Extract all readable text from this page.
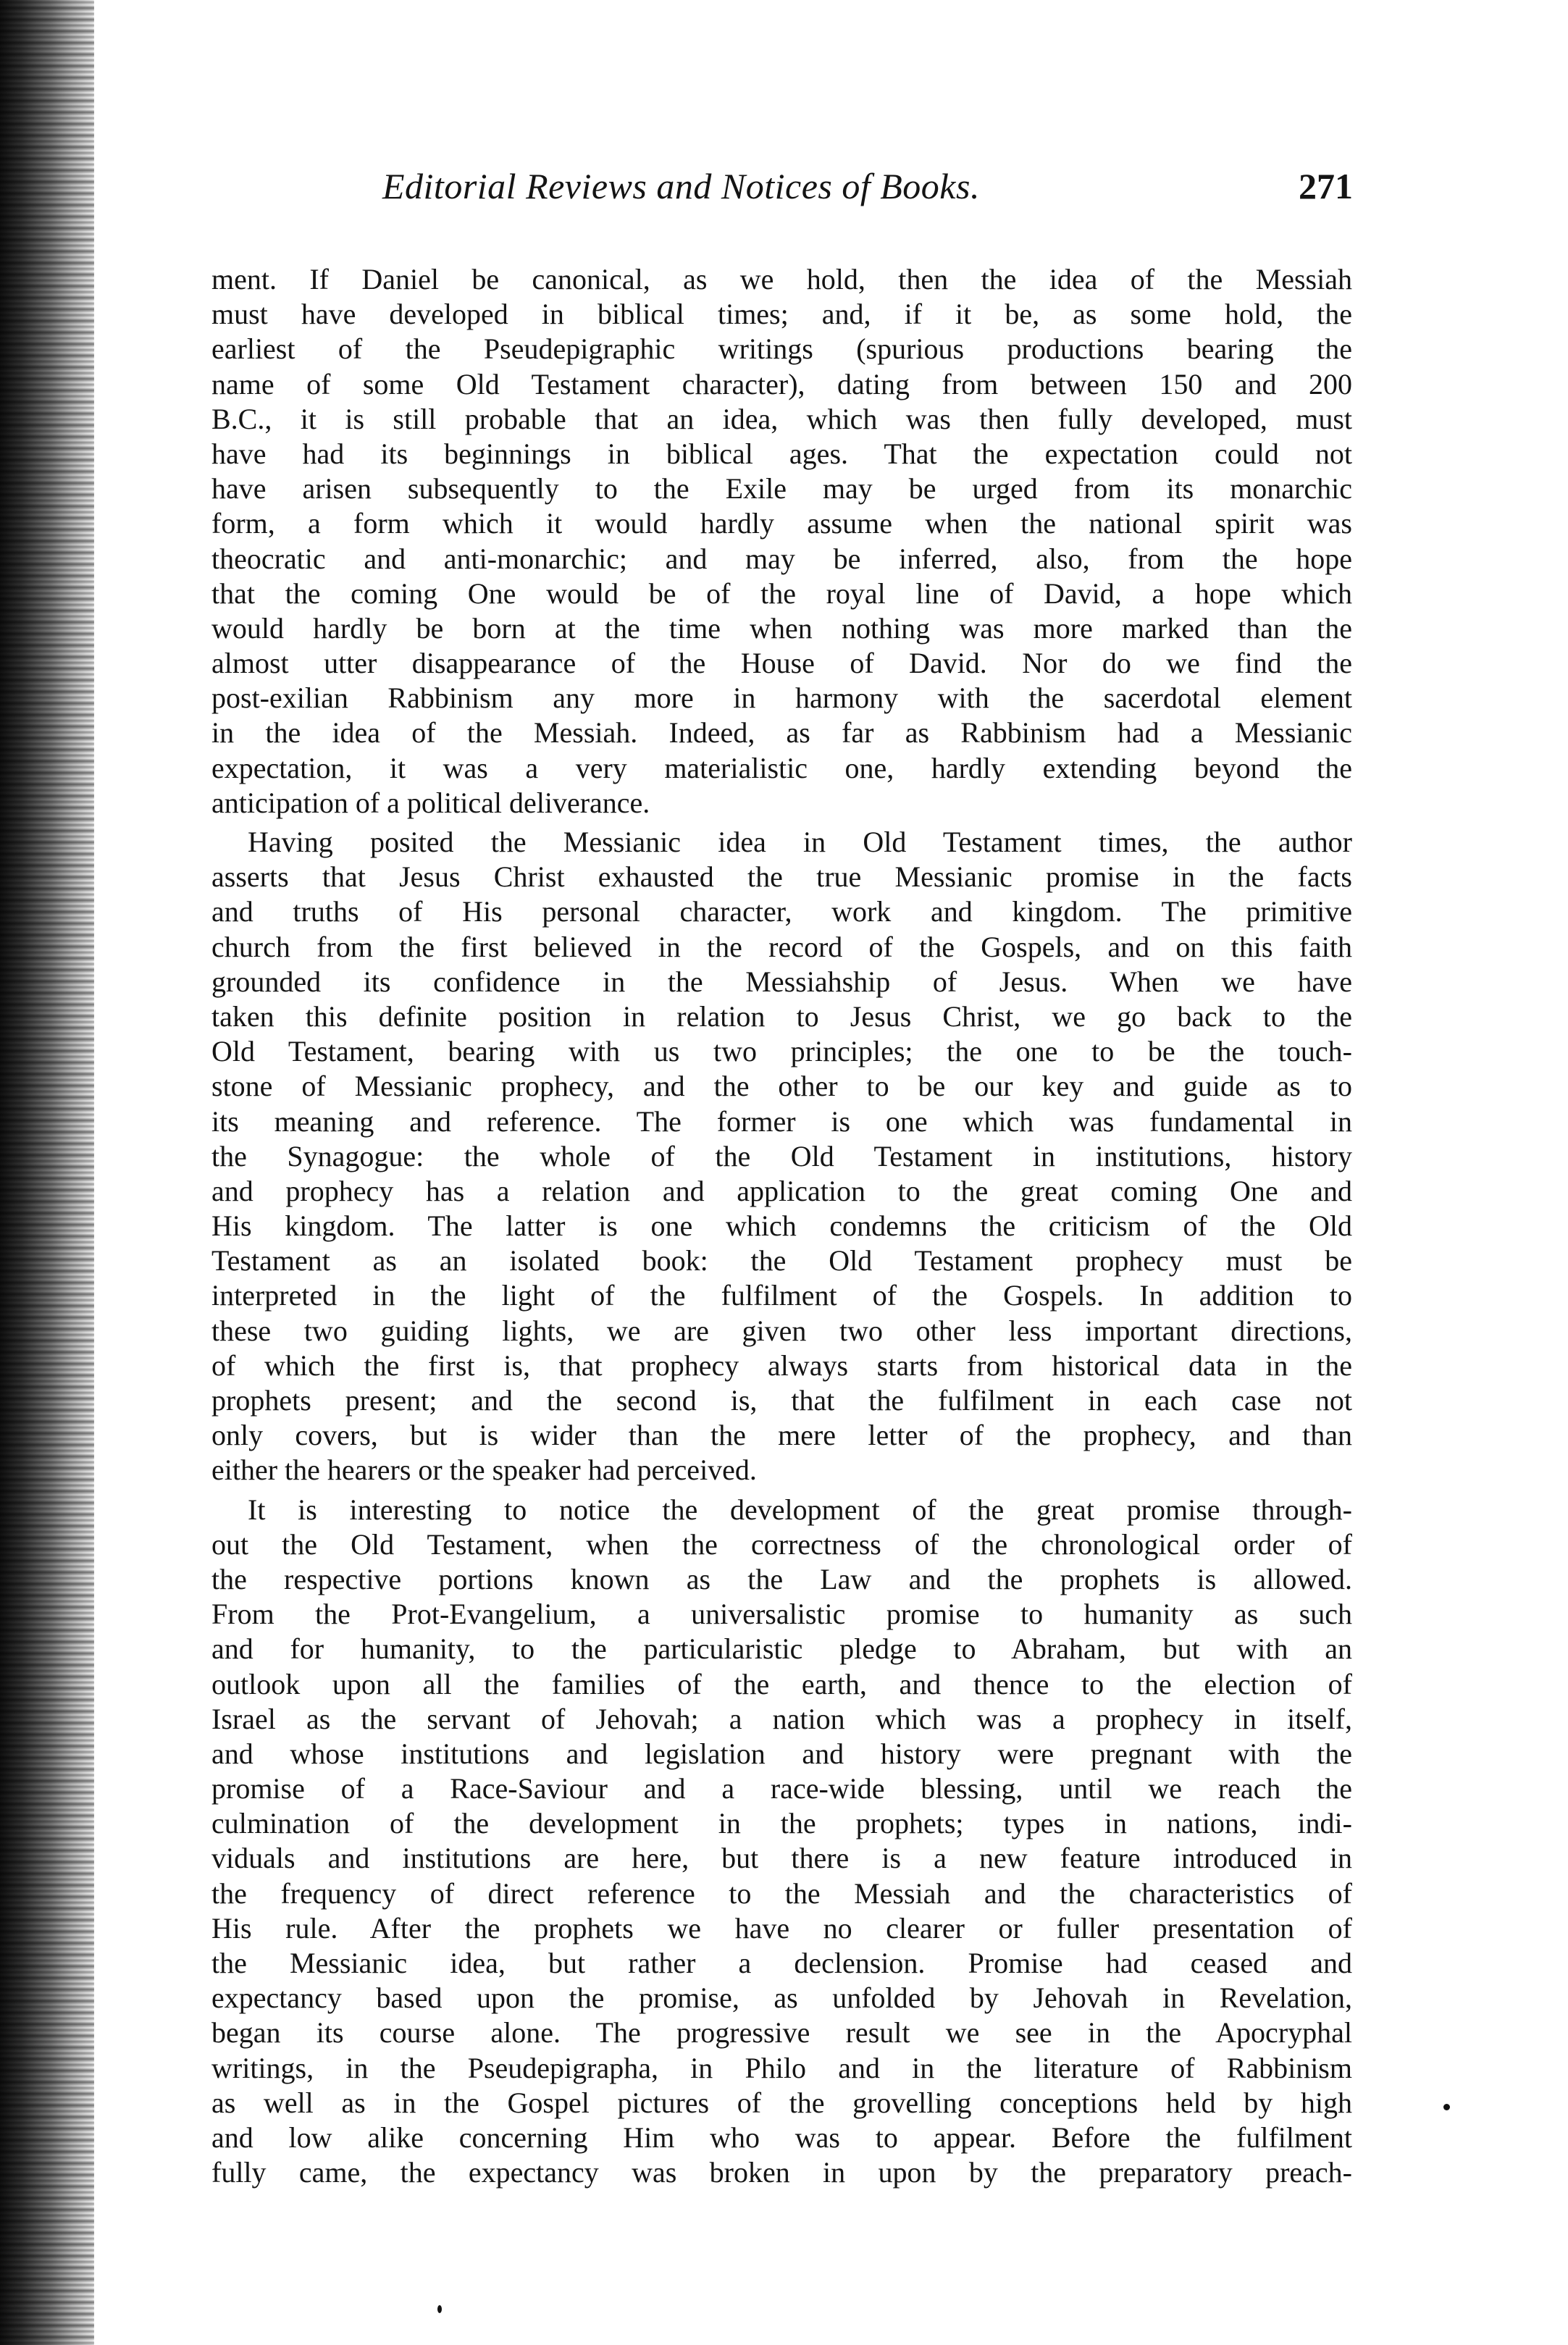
Editorial Reviews and Notices of Books.	271
ment. If Daniel be canonical, as we hold, then the idea of the Messiah
must have developed in biblical times; and, if it be, as some hold, the
earliest of the Pseudepigraphic writings (spurious productions bearing the
name of some Old Testament character), dating from between 150 and 200
B.C., it is still probable that an idea, which was then fully developed, must
have had its beginnings in biblical ages. That the expectation could not
have arisen subsequently to the Exile may be urged from its monarchic
form, a form which it would hardly assume when the national spirit was
theocratic and anti-monarchic; and may be inferred, also, from the hope
that the coming One would be of the royal line of David, a hope which
would hardly be born at the time when nothing was more marked than the
almost utter disappearance of the House of David. Nor do we find the
post-exilian Rabbinism any more in harmony with the sacerdotal element
in the idea of the Messiah. Indeed, as far as Rabbinism had a Messianic
expectation, it was a very materialistic one, hardly extending beyond the
anticipation of a political deliverance.
Having posited the Messianic idea in Old Testament times, the author
asserts that Jesus Christ exhausted the true Messianic promise in the facts
and truths of His personal character, work and kingdom. The primitive
church from the first believed in the record of the Gospels, and on this faith
grounded its confidence in the Messiahship of Jesus. When we have
taken this definite position in relation to Jesus Christ, we go back to the
Old Testament, bearing with us two principles; the one to be the touch-
stone of Messianic prophecy, and the other to be our key and guide as to
its meaning and reference. The former is one which was fundamental in
the Synagogue: the whole of the Old Testament in institutions, history
and prophecy has a relation and application to the great coming One and
His kingdom. The latter is one which condemns the criticism of the Old
Testament as an isolated book: the Old Testament prophecy must be
interpreted in the light of the fulfilment of the Gospels. In addition to
these two guiding lights, we are given two other less important directions,
of which the first is, that prophecy always starts from historical data in the
prophets present; and the second is, that the fulfilment in each case not
only covers, but is wider than the mere letter of the prophecy, and than
either the hearers or the speaker had perceived.
It is interesting to notice the development of the great promise through-
out the Old Testament, when the correctness of the chronological order of
the respective portions known as the Law and the prophets is allowed.
From the Prot-Evangelium, a universalistic promise to humanity as such
and for humanity, to the particularistic pledge to Abraham, but with an
outlook upon all the families of the earth, and thence to the election of
Israel as the servant of Jehovah; a nation which was a prophecy in itself,
and whose institutions and legislation and history were pregnant with the
promise of a Race-Saviour and a race-wide blessing, until we reach the
culmination of the development in the prophets; types in nations, indi-
viduals and institutions are here, but there is a new feature introduced in
the frequency of direct reference to the Messiah and the characteristics of
His rule. After the prophets we have no clearer or fuller presentation of
the Messianic idea, but rather a declension. Promise had ceased and
expectancy based upon the promise, as unfolded by Jehovah in Revelation,
began its course alone. The progressive result we see in the Apocryphal
writings, in the Pseudepigrapha, in Philo and in the literature of Rabbinism
as well as in the Gospel pictures of the grovelling conceptions held by high
and low alike concerning Him who was to appear. Before the fulfilment
fully came, the expectancy was broken in upon by the preparatory preach-
